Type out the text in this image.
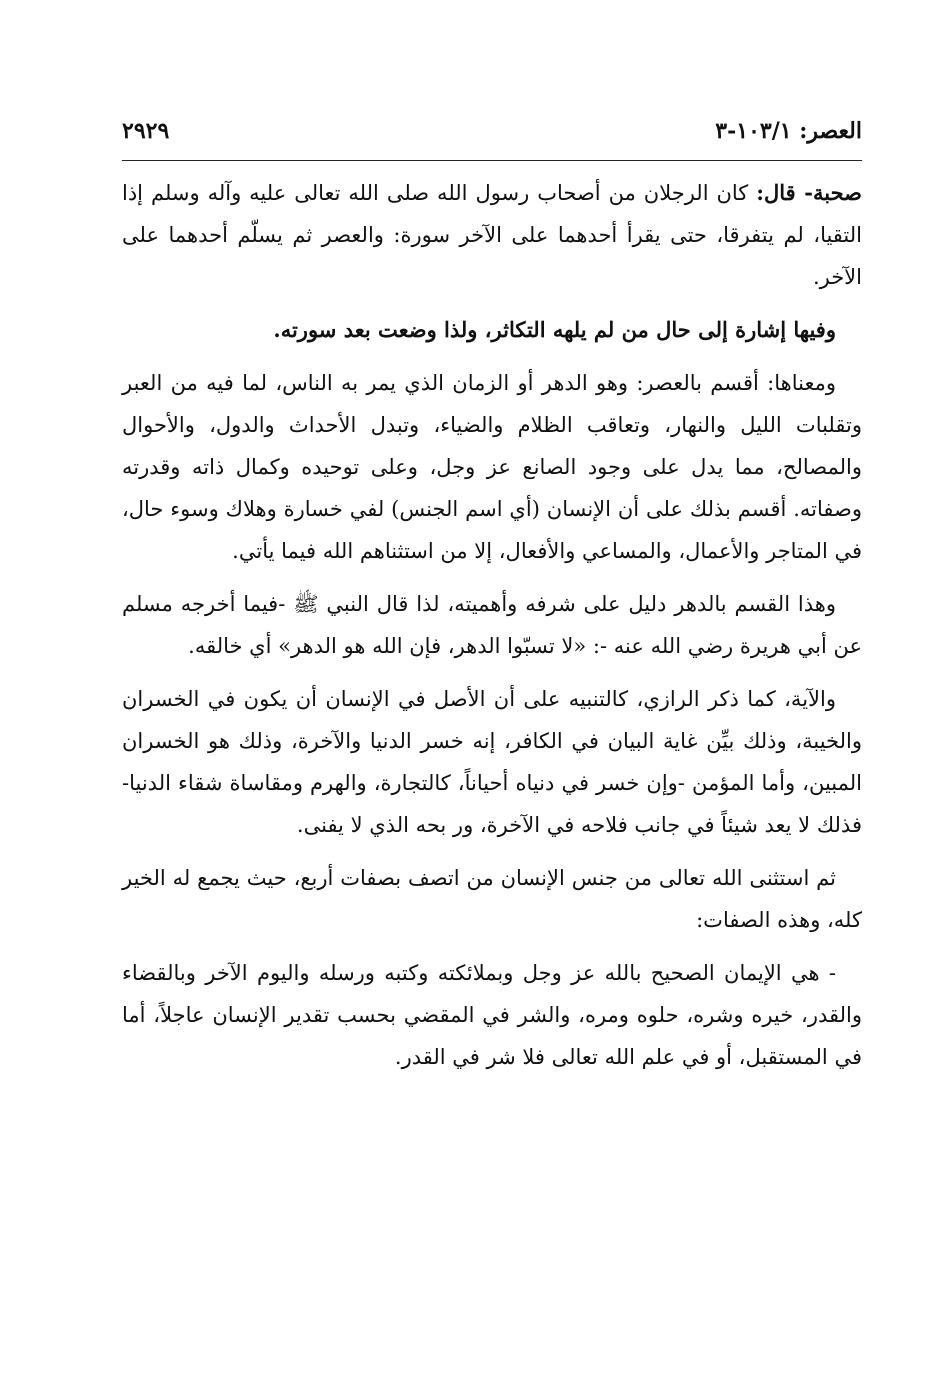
العصر: ١٠٣/١-٣
٢٩٢٩

صحبة- قال: كان الرجلان من أصحاب رسول الله صلى الله تعالى عليه وآله وسلم إذا التقيا، لم يتفرقا، حتى يقرأ أحدهما على الآخر سورة: والعصر ثم يسلّم أحدهما على الآخر.

وفيها إشارة إلى حال من لم يلهه التكاثر، ولذا وضعت بعد سورته.

ومعناها: أقسم بالعصر: وهو الدهر أو الزمان الذي يمر به الناس، لما فيه من العبر وتقلبات الليل والنهار، وتعاقب الظلام والضياء، وتبدل الأحداث والدول، والأحوال والمصالح، مما يدل على وجود الصانع عز وجل، وعلى توحيده وكمال ذاته وقدرته وصفاته. أقسم بذلك على أن الإنسان (أي اسم الجنس) لفي خسارة وهلاك وسوء حال، في المتاجر والأعمال، والمساعي والأفعال، إلا من استثناهم الله فيما يأتي.

وهذا القسم بالدهر دليل على شرفه وأهميته، لذا قال النبي ﷺ -فيما أخرجه مسلم عن أبي هريرة رضي الله عنه -: «لا تسبّوا الدهر، فإن الله هو الدهر» أي خالقه.

والآية، كما ذكر الرازي، كالتنبيه على أن الأصل في الإنسان أن يكون في الخسران والخيبة، وذلك بيِّن غاية البيان في الكافر، إنه خسر الدنيا والآخرة، وذلك هو الخسران المبين، وأما المؤمن -وإن خسر في دنياه أحياناً، كالتجارة، والهرم ومقاساة شقاء الدنيا- فذلك لا يعد شيئاً في جانب فلاحه في الآخرة، ور بحه الذي لا يفنى.

ثم استثنى الله تعالى من جنس الإنسان من اتصف بصفات أربع، حيث يجمع له الخير كله، وهذه الصفات:

- هي الإيمان الصحيح بالله عز وجل وبملائكته وكتبه ورسله واليوم الآخر وبالقضاء والقدر، خيره وشره، حلوه ومره، والشر في المقضي بحسب تقدير الإنسان عاجلاً، أما في المستقبل، أو في علم الله تعالى فلا شر في القدر.
